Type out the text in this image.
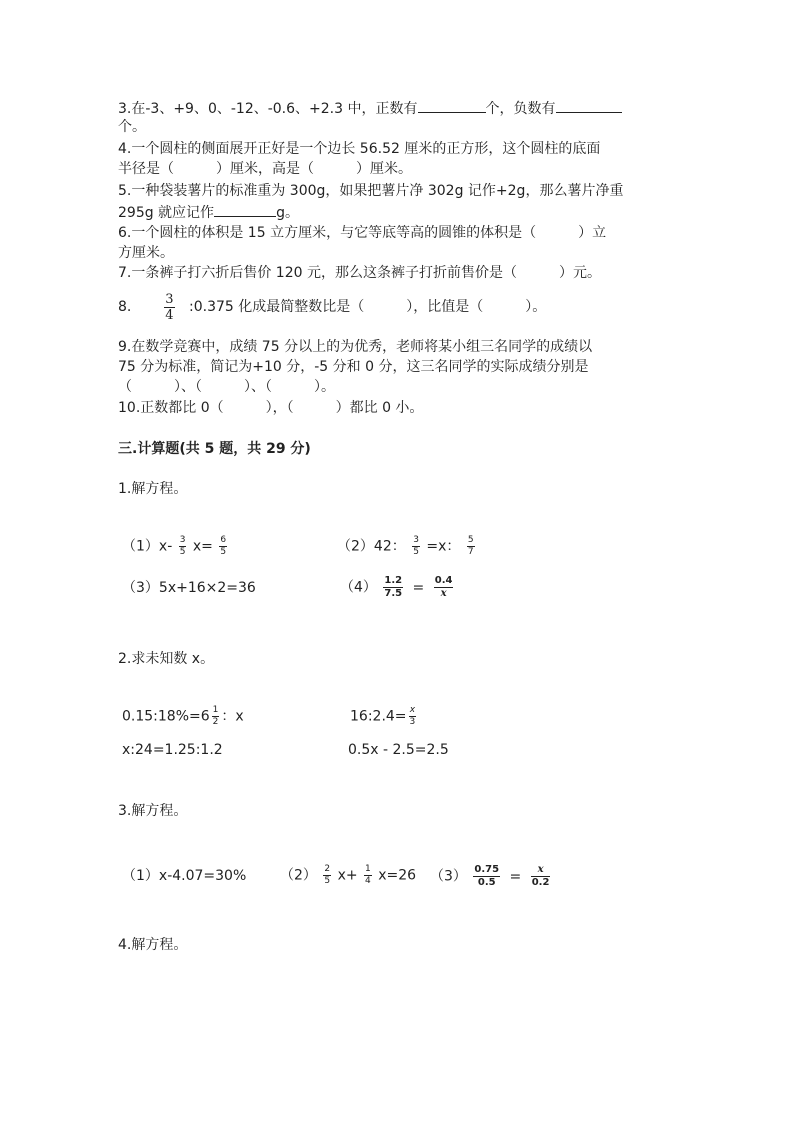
3.在-3、+9、0、-12、-0.6、+2.3 中，正数有	个，负数有
个。
4.一个圆柱的侧面展开正好是一个边长 56.52 厘米的正方形，这个圆柱的底面
半径是（　　　）厘米，高是（　　　）厘米。
5.一种袋装薯片的标准重为 300g，如果把薯片净 302g 记作+2g，那么薯片净重
295g 就应记作	g。
6.一个圆柱的体积是 15 立方厘米，与它等底等高的圆锥的体积是（　　　）立
方厘米。
7.一条裤子打六折后售价 120 元，那么这条裤子打折前售价是（　　　）元。
8.	$\frac{3}{4}$ :0.375 化成最简整数比是（　　　），比值是（　　　）。
9.在数学竞赛中，成绩 75 分以上的为优秀，老师将某小组三名同学的成绩以
75 分为标准，简记为+10 分，-5 分和 0 分，这三名同学的实际成绩分别是
（　　　）、（　　　）、（　　　）。
10.正数都比 0（　　　），（　　　）都比 0 小。
三.计算题(共 5 题，共 29 分)
1.解方程。
$(1)x- \frac{3}{5} x= \frac{6}{5}$	（2）42： $\frac{3}{5} =x$： $\frac{5}{7}$
（3）5x+16×2=36	$(4) \frac{1.2}{7.5} = \frac{0.4}{x}$
2.求未知数 x。
0.15:18%=6 $\frac{1}{2}$ ：x	16:2.4= $\frac{x}{3}$
x:24=1.25:1.2	0.5x - 2.5=2.5
3.解方程。
（1）x-4.07=30% $(2) \frac{2}{5} x+ \frac{1}{4} x=26$ $(3) \frac{0.75}{0.5} = \frac{x}{0.2}$
4.解方程。
